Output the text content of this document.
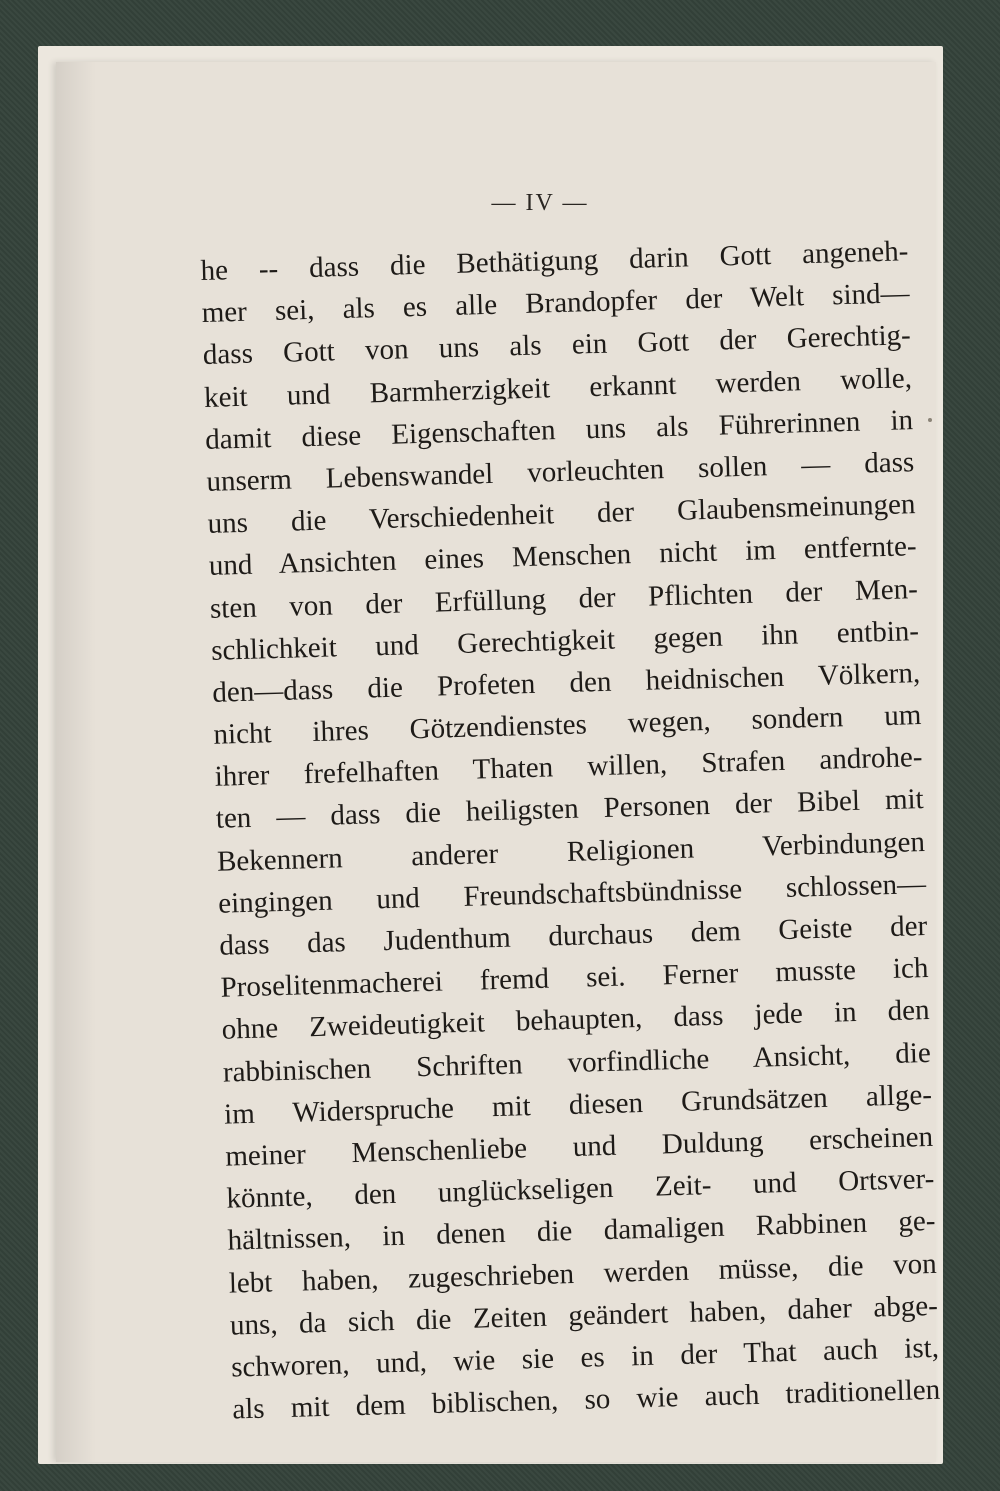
— IV —
he -- dass die Bethätigung darin Gott angeneh-
mer sei, als es alle Brandopfer der Welt sind—
dass Gott von uns als ein Gott der Gerechtig-
keit und Barmherzigkeit erkannt werden wolle,
damit diese Eigenschaften uns als Führerinnen in
unserm Lebenswandel vorleuchten sollen — dass
uns die Verschiedenheit der Glaubensmeinungen
und Ansichten eines Menschen nicht im entfernte-
sten von der Erfüllung der Pflichten der Men-
schlichkeit und Gerechtigkeit gegen ihn entbin-
den—dass die Profeten den heidnischen Völkern,
nicht ihres Götzendienstes wegen, sondern um
ihrer frefelhaften Thaten willen, Strafen androhe-
ten — dass die heiligsten Personen der Bibel mit
Bekennern anderer Religionen Verbindungen
eingingen und Freundschaftsbündnisse schlossen—
dass das Judenthum durchaus dem Geiste der
Proselitenmacherei fremd sei. Ferner musste ich
ohne Zweideutigkeit behaupten, dass jede in den
rabbinischen Schriften vorfindliche Ansicht, die
im Widerspruche mit diesen Grundsätzen allge-
meiner Menschenliebe und Duldung erscheinen
könnte, den unglückseligen Zeit- und Ortsver-
hältnissen, in denen die damaligen Rabbinen ge-
lebt haben, zugeschrieben werden müsse, die von
uns, da sich die Zeiten geändert haben, daher abge-
schworen, und, wie sie es in der That auch ist,
als mit dem biblischen, so wie auch traditionellen
